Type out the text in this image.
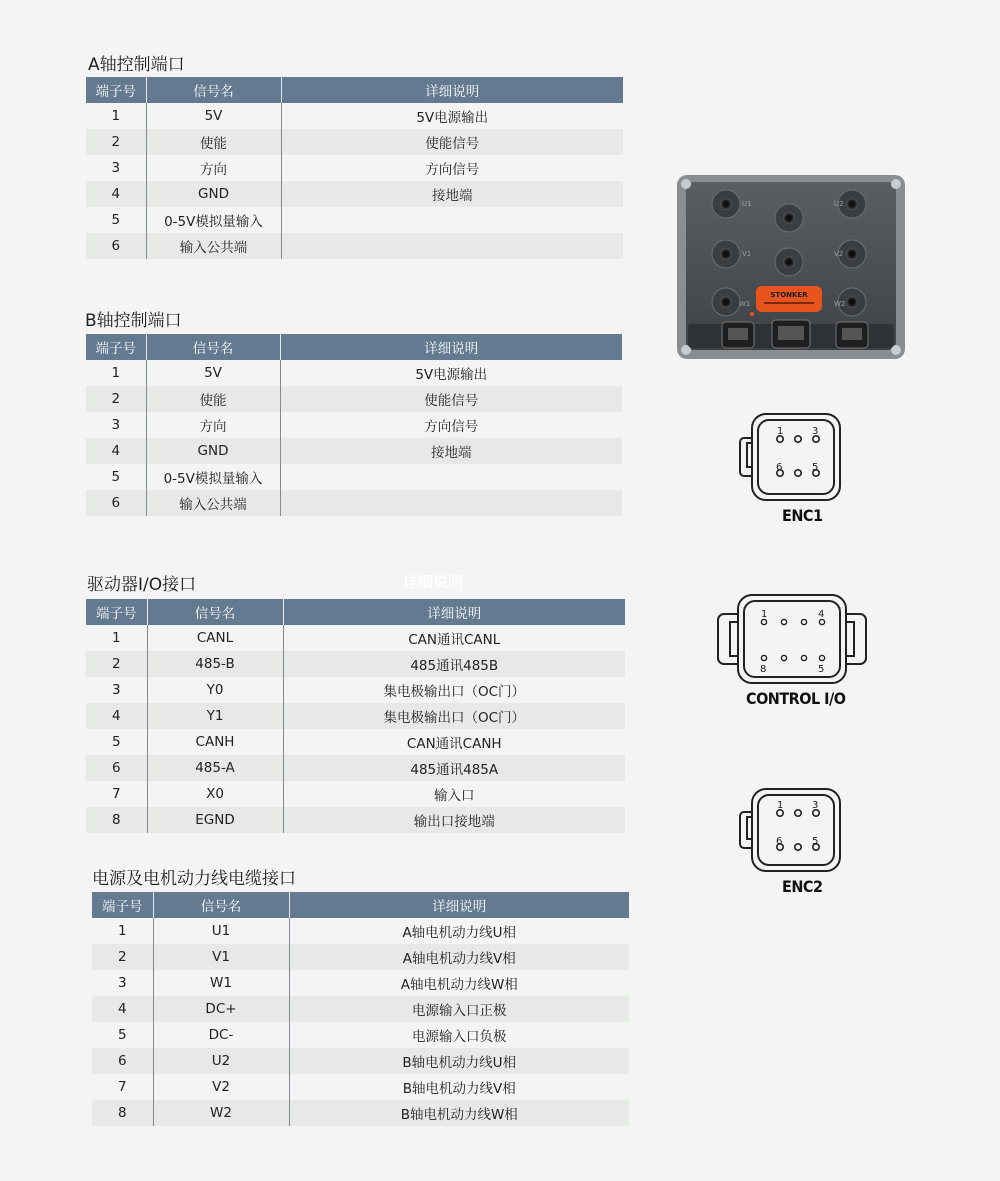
A轴控制端口
端子号	信号名	详细说明
1	5V	5V电源输出
2	使能	使能信号
3	方向	方向信号
4	GND	接地端
5	0-5V模拟量输入	
6	输入公共端	
B轴控制端口
端子号	信号名	详细说明
1	5V	5V电源输出
2	使能	使能信号
3	方向	方向信号
4	GND	接地端
5	0-5V模拟量输入	
6	输入公共端	
驱动器I/O接口	详细说明
端子号	信号名	详细说明
1	CANL	CAN通讯CANL
2	485-B	485通讯485B
3	Y0	集电极输出口（OC门）
4	Y1	集电极输出口（OC门）
5	CANH	CAN通讯CANH
6	485-A	485通讯485A
7	X0	输入口
8	EGND	输出口接地端
电源及电机动力线电缆接口
端子号	信号名	详细说明
1	U1	A轴电机动力线U相
2	V1	A轴电机动力线V相
3	W1	A轴电机动力线W相
4	DC+	电源输入口正极
5	DC-	电源输入口负极
6	U2	B轴电机动力线U相
7	V2	B轴电机动力线V相
8	W2	B轴电机动力线W相
U1	U2
V1	V2
W1	W2
STONKER
1	3
6	5
ENC1
1	4
8	5
CONTROL I/O
1	3
6	5
ENC2
